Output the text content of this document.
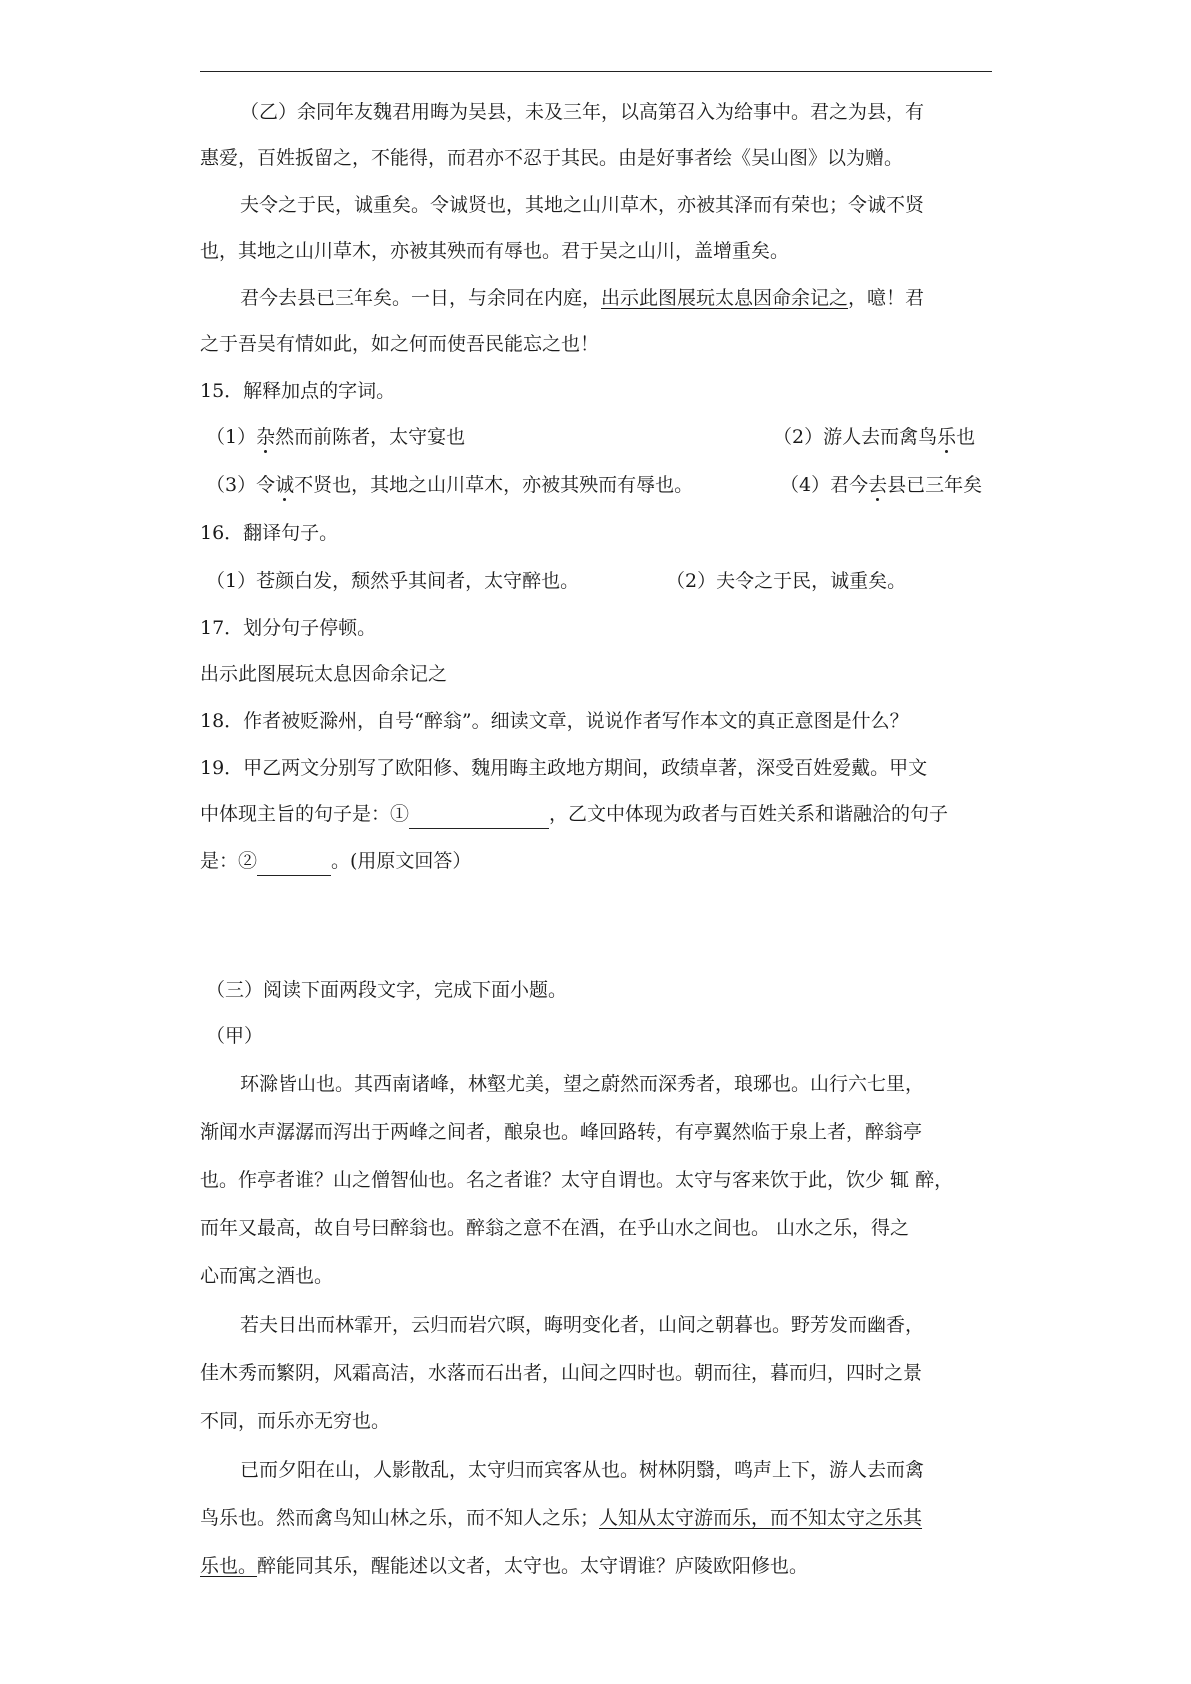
（乙）余同年友魏君用晦为吴县，未及三年，以高第召入为给事中。君之为县，有
惠爱，百姓扳留之，不能得，而君亦不忍于其民。由是好事者绘《吴山图》以为赠。
夫令之于民，诚重矣。令诚贤也，其地之山川草木，亦被其泽而有荣也；令诚不贤
也，其地之山川草木，亦被其殃而有辱也。君于吴之山川，盖增重矣。
君今去县已三年矣。一日，与余同在内庭，出示此图展玩太息因命余记之，噫！君
之于吾吴有情如此，如之何而使吾民能忘之也！
15．解释加点的字词。
（1）杂然而前陈者，太守宴也	（2）游人去而禽鸟乐也
（3）令诚不贤也，其地之山川草木，亦被其殃而有辱也。	（4）君今去县已三年矣
16．翻译句子。
（1）苍颜白发，颓然乎其间者，太守醉也。	（2）夫令之于民，诚重矣。
17．划分句子停顿。
出示此图展玩太息因命余记之
18．作者被贬滁州，自号“醉翁”。细读文章，说说作者写作本文的真正意图是什么？
19．甲乙两文分别写了欧阳修、魏用晦主政地方期间，政绩卓著，深受百姓爱戴。甲文
中体现主旨的句子是：①	，乙文中体现为政者与百姓关系和谐融洽的句子
是：②	。(用原文回答）
（三）阅读下面两段文字，完成下面小题。
（甲）
环滁皆山也。其西南诸峰，林壑尤美，望之蔚然而深秀者，琅琊也。山行六七里，
渐闻水声潺潺而泻出于两峰之间者，酿泉也。峰回路转，有亭翼然临于泉上者，醉翁亭
也。作亭者谁？山之僧智仙也。名之者谁？太守自谓也。太守与客来饮于此，饮少 辄 醉，
而年又最高，故自号曰醉翁也。醉翁之意不在酒，在乎山水之间也。 山水之乐，得之
心而寓之酒也。
若夫日出而林霏开，云归而岩穴暝，晦明变化者，山间之朝暮也。野芳发而幽香，
佳木秀而繁阴，风霜高洁，水落而石出者，山间之四时也。朝而往，暮而归，四时之景
不同，而乐亦无穷也。
已而夕阳在山，人影散乱，太守归而宾客从也。树林阴翳，鸣声上下，游人去而禽
鸟乐也。然而禽鸟知山林之乐，而不知人之乐；人知从太守游而乐，而不知太守之乐其
乐也。醉能同其乐，醒能述以文者，太守也。太守谓谁？庐陵欧阳修也。
